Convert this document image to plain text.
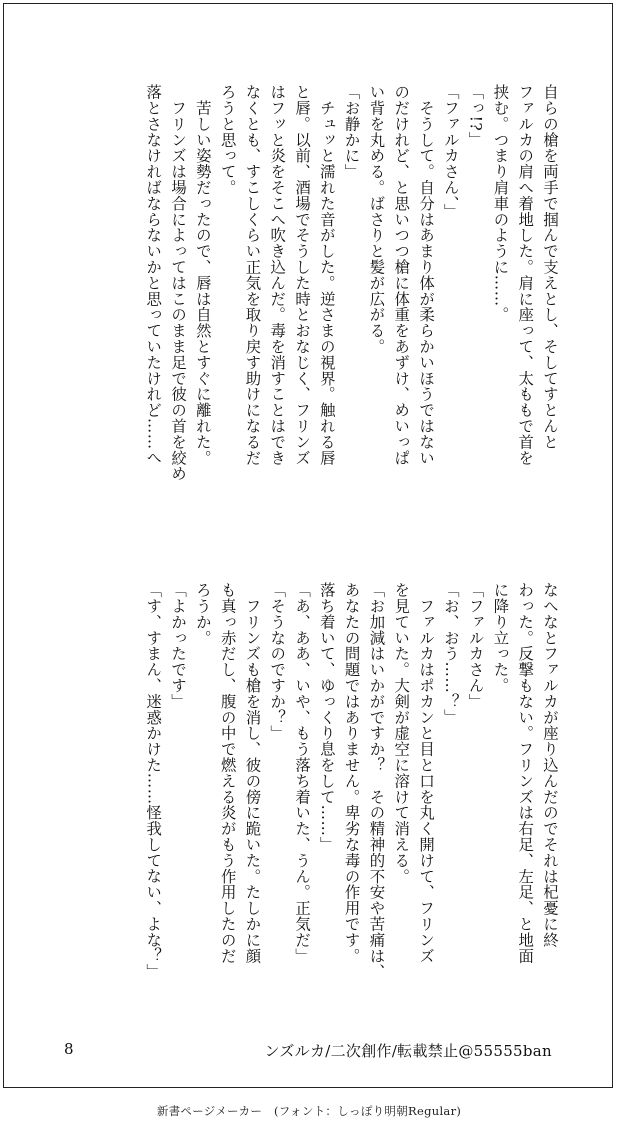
自らの槍を両手で掴んで支えとし、そしてすとんと

ファルカの肩へ着地した。肩に座って、太ももで首を

挟む。つまり肩車のように……。

「っ!?」

「ファルカさん、」

　そうして。自分はあまり体が柔らかいほうではない

のだけれど、と思いつつ槍に体重をあずけ、めいっぱ

い背を丸める。ばさりと髪が広がる。

「お静かに」

　チュッと濡れた音がした。逆さまの視界。触れる唇

と唇。以前、酒場でそうした時とおなじく、フリンズ

はフッと炎をそこへ吹き込んだ。毒を消すことはでき

なくとも、すこしくらい正気を取り戻す助けになるだ

ろうと思って。

　苦しい姿勢だったので、唇は自然とすぐに離れた。

　フリンズは場合によってはこのまま足で彼の首を絞め

落とさなければならないかと思っていたけれど……へ

なへなとファルカが座り込んだのでそれは杞憂に終

わった。反撃もない。フリンズは右足、左足、と地面

に降り立った。

「ファルカさん」

「お、おう……？」

　ファルカはポカンと目と口を丸く開けて、フリンズ

を見ていた。大剣が虚空に溶けて消える。

「お加減はいかがですか？　その精神的不安や苦痛は、

あなたの問題ではありません。卑劣な毒の作用です。

落ち着いて、ゆっくり息をして……」

「あ、ああ、いや、もう落ち着いた、うん。正気だ」

「そうなのですか？」

　フリンズも槍を消し、彼の傍に跪いた。たしかに顔

も真っ赤だし、腹の中で燃える炎がもう作用したのだ

ろうか。

「よかったです」

「す、すまん、迷惑かけた……怪我してない、よな？」

8	ンズルカ/二次創作/転載禁止@55555ban
新書ページメーカー　(フォント：しっぽり明朝Regular)
